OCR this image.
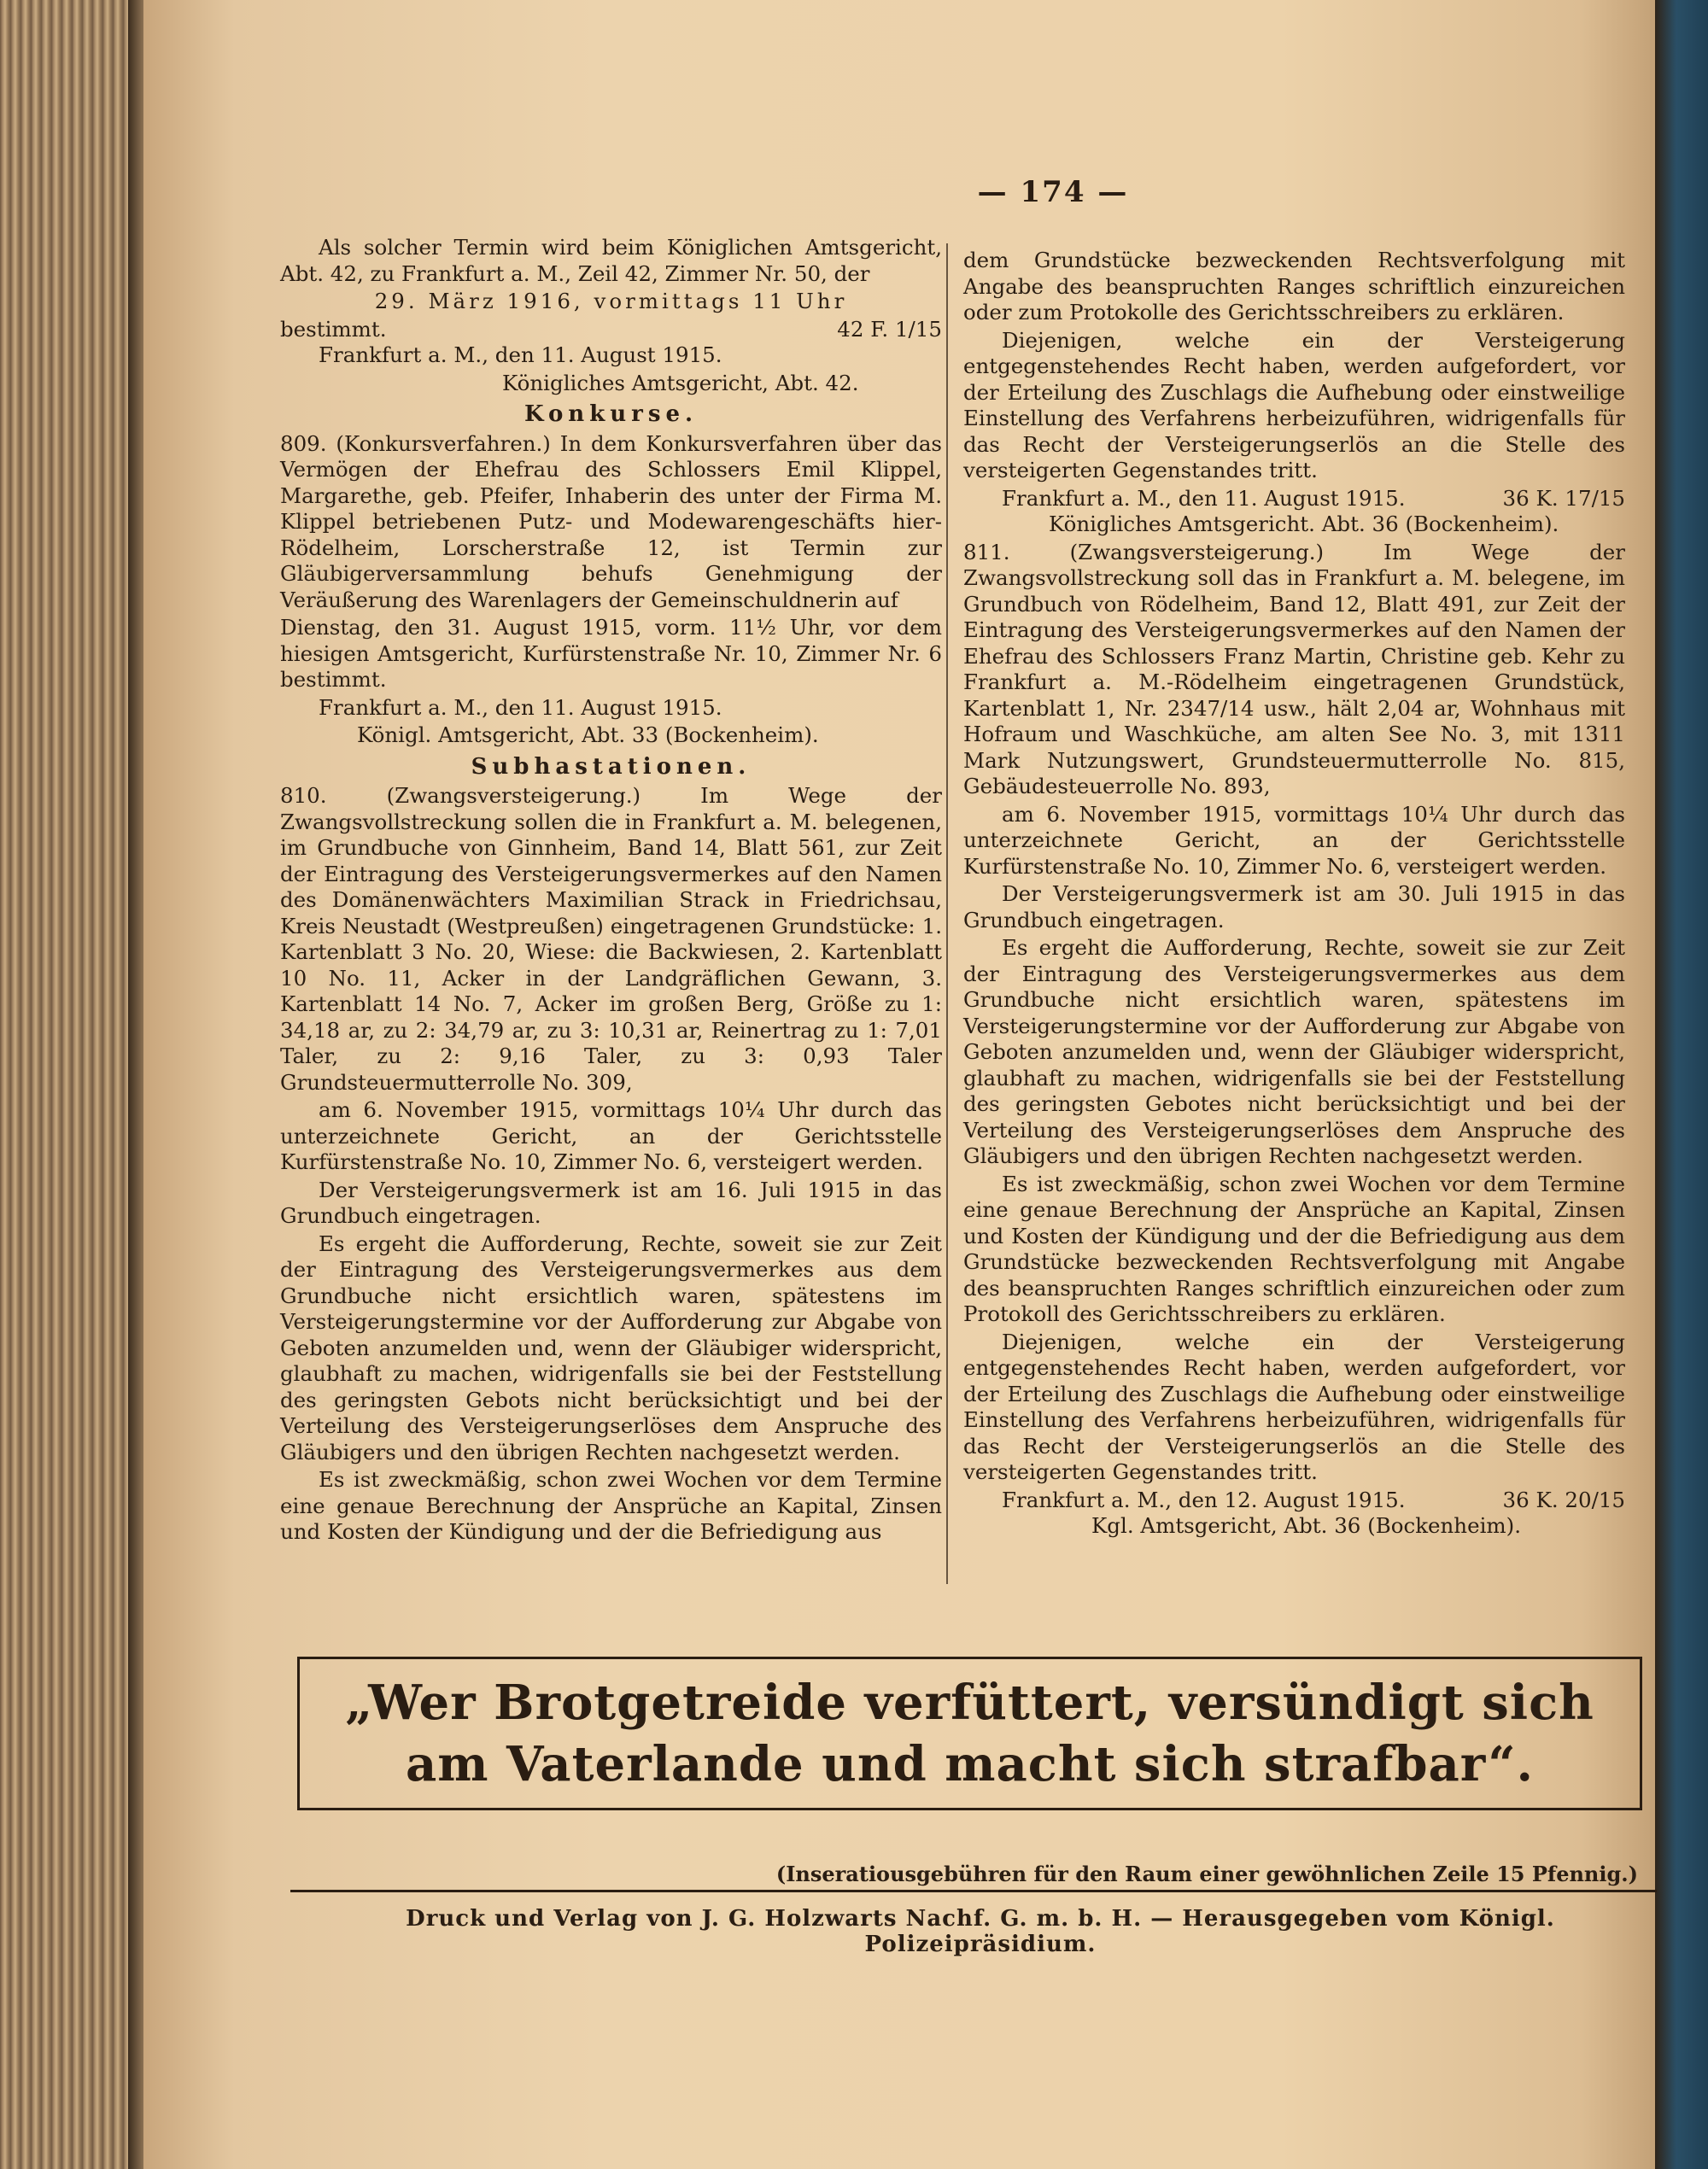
— 174 —

Als solcher Termin wird beim Königlichen Amtsgericht, Abt. 42, zu Frankfurt a. M., Zeil 42, Zimmer Nr. 50, der

29. März 1916, vormittags 11 Uhr

bestimmt.	42 F. 1/15

Frankfurt a. M., den 11. August 1915.

Königliches Amtsgericht, Abt. 42.

Konkurse.

809. (Konkursverfahren.) In dem Konkursverfahren über das Vermögen der Ehefrau des Schlossers Emil Klippel, Margarethe, geb. Pfeifer, Inhaberin des unter der Firma M. Klippel betriebenen Putz- und Modewarengeschäfts hier-Rödelheim, Lorscherstraße 12, ist Termin zur Gläubigerversammlung behufs Genehmigung der Veräußerung des Warenlagers der Gemeinschuldnerin auf

Dienstag, den 31. August 1915, vorm. 11½ Uhr, vor dem hiesigen Amtsgericht, Kurfürstenstraße Nr. 10, Zimmer Nr. 6 bestimmt.

Frankfurt a. M., den 11. August 1915.

Königl. Amtsgericht, Abt. 33 (Bockenheim).

Subhastationen.

810. (Zwangsversteigerung.) Im Wege der Zwangsvollstreckung sollen die in Frankfurt a. M. belegenen, im Grundbuche von Ginnheim, Band 14, Blatt 561, zur Zeit der Eintragung des Versteigerungsvermerkes auf den Namen des Domänenwächters Maximilian Strack in Friedrichsau, Kreis Neustadt (Westpreußen) eingetragenen Grundstücke: 1. Kartenblatt 3 No. 20, Wiese: die Backwiesen, 2. Kartenblatt 10 No. 11, Acker in der Landgräflichen Gewann, 3. Kartenblatt 14 No. 7, Acker im großen Berg, Größe zu 1: 34,18 ar, zu 2: 34,79 ar, zu 3: 10,31 ar, Reinertrag zu 1: 7,01 Taler, zu 2: 9,16 Taler, zu 3: 0,93 Taler Grundsteuermutterrolle No. 309,

am 6. November 1915, vormittags 10¼ Uhr durch das unterzeichnete Gericht, an der Gerichtsstelle Kurfürstenstraße No. 10, Zimmer No. 6, versteigert werden.

Der Versteigerungsvermerk ist am 16. Juli 1915 in das Grundbuch eingetragen.

Es ergeht die Aufforderung, Rechte, soweit sie zur Zeit der Eintragung des Versteigerungsvermerkes aus dem Grundbuche nicht ersichtlich waren, spätestens im Versteigerungstermine vor der Aufforderung zur Abgabe von Geboten anzumelden und, wenn der Gläubiger widerspricht, glaubhaft zu machen, widrigenfalls sie bei der Feststellung des geringsten Gebots nicht berücksichtigt und bei der Verteilung des Versteigerungserlöses dem Anspruche des Gläubigers und den übrigen Rechten nachgesetzt werden.

Es ist zweckmäßig, schon zwei Wochen vor dem Termine eine genaue Berechnung der Ansprüche an Kapital, Zinsen und Kosten der Kündigung und der die Befriedigung aus

dem Grundstücke bezweckenden Rechtsverfolgung mit Angabe des beanspruchten Ranges schriftlich einzureichen oder zum Protokolle des Gerichtsschreibers zu erklären.

Diejenigen, welche ein der Versteigerung entgegenstehendes Recht haben, werden aufgefordert, vor der Erteilung des Zuschlags die Aufhebung oder einstweilige Einstellung des Verfahrens herbeizuführen, widrigenfalls für das Recht der Versteigerungserlös an die Stelle des versteigerten Gegenstandes tritt.

Frankfurt a. M., den 11. August 1915.	36 K. 17/15

Königliches Amtsgericht. Abt. 36 (Bockenheim).

811. (Zwangsversteigerung.) Im Wege der Zwangsvollstreckung soll das in Frankfurt a. M. belegene, im Grundbuch von Rödelheim, Band 12, Blatt 491, zur Zeit der Eintragung des Versteigerungsvermerkes auf den Namen der Ehefrau des Schlossers Franz Martin, Christine geb. Kehr zu Frankfurt a. M.-Rödelheim eingetragenen Grundstück, Kartenblatt 1, Nr. 2347/14 usw., hält 2,04 ar, Wohnhaus mit Hofraum und Waschküche, am alten See No. 3, mit 1311 Mark Nutzungswert, Grundsteuermutterrolle No. 815, Gebäudesteuerrolle No. 893,

am 6. November 1915, vormittags 10¼ Uhr durch das unterzeichnete Gericht, an der Gerichtsstelle Kurfürstenstraße No. 10, Zimmer No. 6, versteigert werden.

Der Versteigerungsvermerk ist am 30. Juli 1915 in das Grundbuch eingetragen.

Es ergeht die Aufforderung, Rechte, soweit sie zur Zeit der Eintragung des Versteigerungsvermerkes aus dem Grundbuche nicht ersichtlich waren, spätestens im Versteigerungstermine vor der Aufforderung zur Abgabe von Geboten anzumelden und, wenn der Gläubiger widerspricht, glaubhaft zu machen, widrigenfalls sie bei der Feststellung des geringsten Gebotes nicht berücksichtigt und bei der Verteilung des Versteigerungserlöses dem Anspruche des Gläubigers und den übrigen Rechten nachgesetzt werden.

Es ist zweckmäßig, schon zwei Wochen vor dem Termine eine genaue Berechnung der Ansprüche an Kapital, Zinsen und Kosten der Kündigung und der die Befriedigung aus dem Grundstücke bezweckenden Rechtsverfolgung mit Angabe des beanspruchten Ranges schriftlich einzureichen oder zum Protokoll des Gerichtsschreibers zu erklären.

Diejenigen, welche ein der Versteigerung entgegenstehendes Recht haben, werden aufgefordert, vor der Erteilung des Zuschlags die Aufhebung oder einstweilige Einstellung des Verfahrens herbeizuführen, widrigenfalls für das Recht der Versteigerungserlös an die Stelle des versteigerten Gegenstandes tritt.

Frankfurt a. M., den 12. August 1915.	36 K. 20/15

Kgl. Amtsgericht, Abt. 36 (Bockenheim).

„Wer Brotgetreide verfüttert, versündigt sich
am Vaterlande und macht sich strafbar“.
(Inseratiousgebühren für den Raum einer gewöhnlichen Zeile 15 Pfennig.)
Druck und Verlag von J. G. Holzwarts Nachf. G. m. b. H. — Herausgegeben vom Königl. Polizeipräsidium.
